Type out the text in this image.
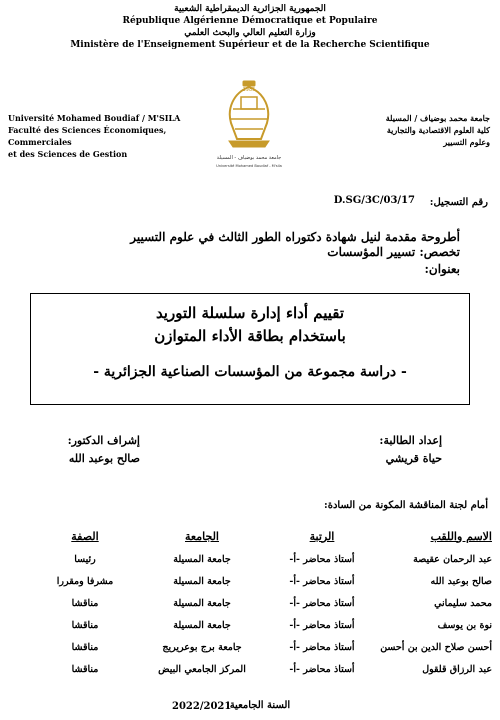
الجمهورية الجزائرية الديمقراطية الشعبية
République Algérienne Démocratique et Populaire
وزارة التعليم العالي والبحث العلمي
Ministère de l'Enseignement Supérieur et de la Recherche Scientifique
Université Mohamed Boudiaf / M'SILA
Faculté des Sciences Économiques, Commerciales
et des Sciences de Gestion
جامعة محمد بوضياف / المسيلة
كلية العلوم الاقتصادية والتجارية
وعلوم التسيير
1985
جامعة محمد بوضياف - المسيلة
Université Mohamed Boudiaf - M'sila
رقم التسجيل:
D.SG/3C/03/17
أطروحة مقدمة لنيل شهادة دكتوراه الطور الثالث في علوم التسيير
تخصص: تسيير المؤسسات
بعنوان:
تقييم أداء إدارة سلسلة التوريد
باستخدام بطاقة الأداء المتوازن
- دراسة مجموعة من المؤسسات الصناعية الجزائرية -
إعداد الطالبة:
حياة قريشي
إشراف الدكتور:
صالح بوعبد الله
أمام لجنة المناقشة المكونة من السادة:
الاسم واللقب
الرتبة
الجامعة
الصفة
عبد الرحمان عقيصة
أستاذ محاضر -أ-
جامعة المسيلة
رئيسا
صالح بوعبد الله
أستاذ محاضر -أ-
جامعة المسيلة
مشرفا ومقررا
محمد سليماني
أستاذ محاضر -أ-
جامعة المسيلة
مناقشا
نوة بن يوسف
أستاذ محاضر -أ-
جامعة المسيلة
مناقشا
أحسن صلاح الدين بن أحسن
أستاذ محاضر -أ-
جامعة برج بوعريريج
مناقشا
عبد الرزاق قلقول
أستاذ محاضر -أ-
المركز الجامعي البيض
مناقشا
السنة الجامعية:
2022/2021
